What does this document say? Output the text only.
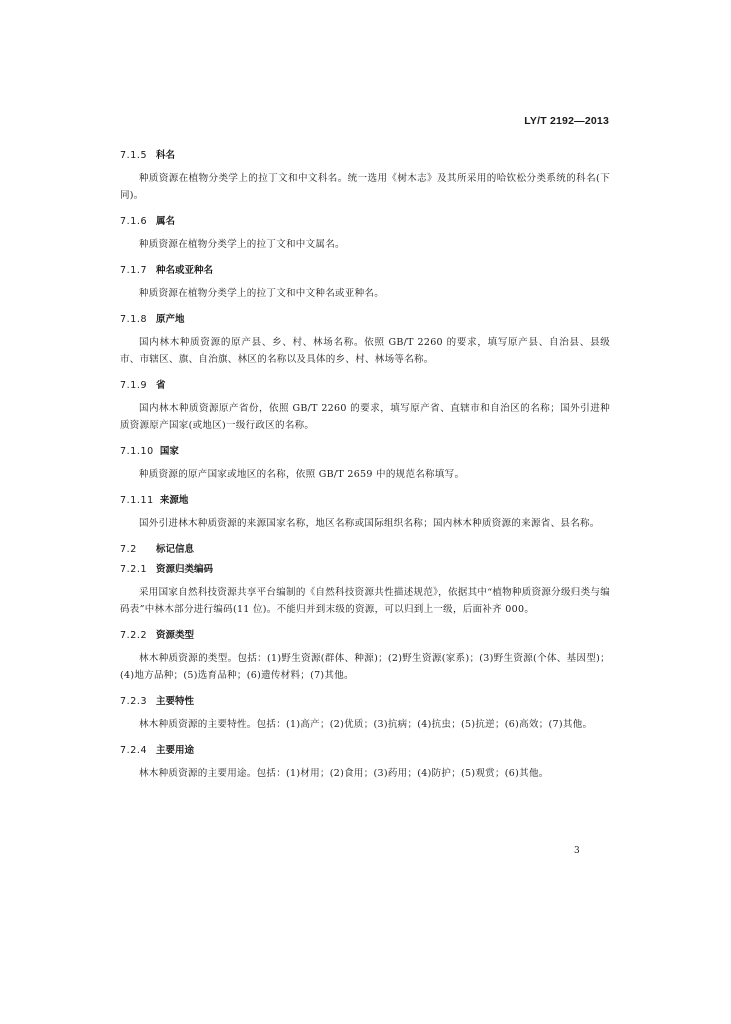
LY/T 2192—2013
7.1.5 科名

种质资源在植物分类学上的拉丁文和中文科名。统一选用《树木志》及其所采用的哈钦松分类系统的科名(下同)。

7.1.6 属名

种质资源在植物分类学上的拉丁文和中文属名。

7.1.7 种名或亚种名

种质资源在植物分类学上的拉丁文和中文种名或亚种名。

7.1.8 原产地

国内林木种质资源的原产县、乡、村、林场名称。依照 GB/T 2260 的要求，填写原产县、自治县、县级市、市辖区、旗、自治旗、林区的名称以及具体的乡、村、林场等名称。

7.1.9 省

国内林木种质资源原产省份，依照 GB/T 2260 的要求，填写原产省、直辖市和自治区的名称；国外引进种质资源原产国家(或地区)一级行政区的名称。

7.1.10 国家

种质资源的原产国家或地区的名称，依照 GB/T 2659 中的规范名称填写。

7.1.11 来源地

国外引进林木种质资源的来源国家名称，地区名称或国际组织名称；国内林木种质资源的来源省、县名称。

7.2 标记信息
7.2.1 资源归类编码

采用国家自然科技资源共享平台编制的《自然科技资源共性描述规范》，依据其中“植物种质资源分级归类与编码表”中林木部分进行编码(11 位)。不能归并到末级的资源，可以归到上一级，后面补齐 000。

7.2.2 资源类型

林木种质资源的类型。包括：(1)野生资源(群体、种源)；(2)野生资源(家系)；(3)野生资源(个体、基因型)；(4)地方品种；(5)选育品种；(6)遗传材料；(7)其他。

7.2.3 主要特性

林木种质资源的主要特性。包括：(1)高产；(2)优质；(3)抗病；(4)抗虫；(5)抗逆；(6)高效；(7)其他。

7.2.4 主要用途

林木种质资源的主要用途。包括：(1)材用；(2)食用；(3)药用；(4)防护；(5)观赏；(6)其他。

3
